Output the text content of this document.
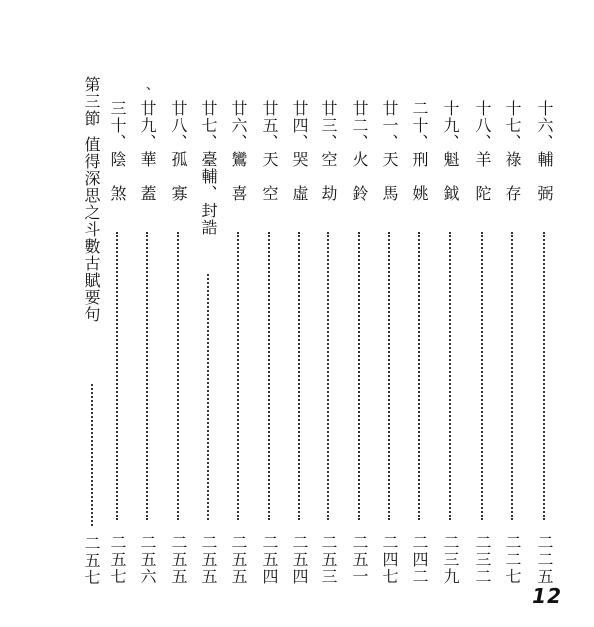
十六、輔　弼
二二五
十七、祿　存
二二七
十八、羊　陀
二三二
十九、魁　鉞
二三九
二十、刑　姚
二四二
廿一、天　馬
二四七
廿二、火　鈴
二五一
廿三、空　劫
二五三
廿四、哭　虛
二五四
廿五、天　空
二五四
廿六、鸞　喜
二五五
廿七、臺輔、封誥
二五五
廿八、孤　寡
二五五
廿九、華　蓋
二五六
三十、陰　煞
二五七
、
第三節
值得深思之斗數古賦要句
二五七
12
